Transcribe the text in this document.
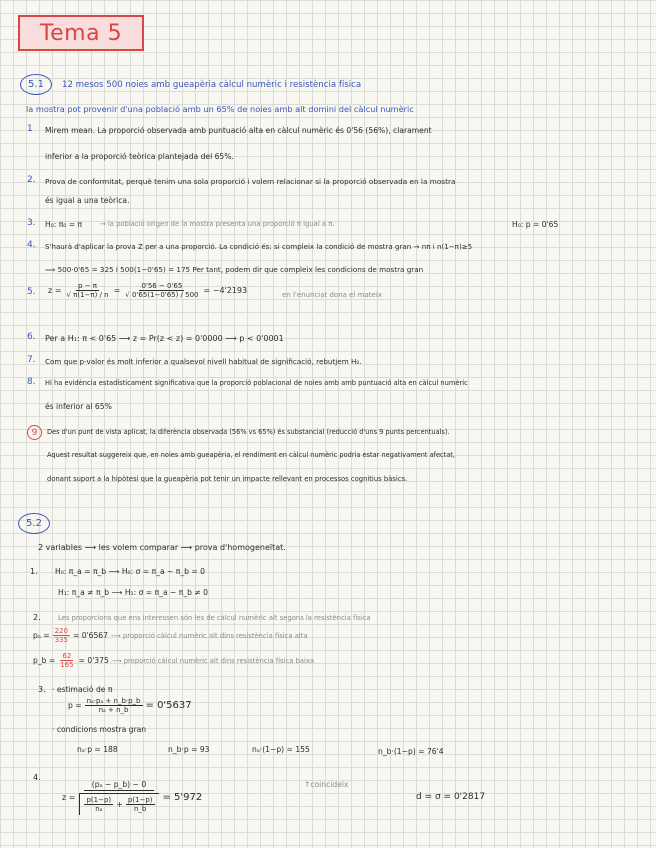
Tema 5
5.1	12 mesos 500 noies amb gueapèria càlcul numèric i resistència física
la mostra pot provenir d'una població amb un 65% de noies amb alt domini del càlcul numèric
1 Mirem mean. La proporció observada amb puntuació alta en càlcul numèric és 0'56 (56%), clarament
inferior a la proporció teòrica plantejada del 65%.
2. Prova de conformitat, perquè tenim una sola proporció i volem relacionar si la proporció observada en la mostra
és igual a una teòrica.
3. H₀: π₀ = π	→ la població origen de la mostra presenta una proporció π igual a π.	H₀: p = 0'65
4. S'haurà d'aplicar la prova Z per a una proporció. La condició és: si compleix la condició de mostra gran → nπ i n(1−π)≥5
⟹ 500·0'65 = 325 i 500(1−0'65) = 175 Per tant, podem dir que compleix les condicions de mostra gran
5. $z = \frac{p - \pi}{√ \pi(1-\pi) / n} = \frac{0'56 - 0'65}{√ 0'65(1-0'65) / 500} = -4'2193$	en l'enunciat dona el mateix
6. Per a H₁: π < 0'65 ⟶ z = Pr(z < z) = 0'0000 ⟶ p < 0'0001
7. Com que p-valor és molt inferior a qualsevol nivell habitual de significació, rebutjem H₀.
8. Hi ha evidència estadísticament significativa que la proporció poblacional de noies amb amb puntuació alta en càlcul numèric
és inferior al 65%
9	Des d'un punt de vista aplicat, la diferència observada (56% vs 65%) és substancial (reducció d'uns 9 punts percentuals).
Aquest resultat suggereix que, en noies amb gueapèria, el rendiment en càlcul numèric podria estar negativament afectat,
donant suport a la hipòtesi que la gueapèria pot tenir un impacte rellevant en processos cognitius bàsics.
5.2
2 variables ⟶ les volem comparar ⟶ prova d'homogeneïtat.
1. H₀: π_a = π_b ⟶ H₀: σ = π_a − π_b = 0
H₁: π_a ≠ π_b ⟶ H₁: σ = π_a − π_b ≠ 0
2.	Les proporcions que ens interessen són les de càlcul numèric alt segons la resistència física
$p_a = \frac{220}{335} = 0'6567$ ⟶ proporció càlcul numèric alt dins resistència física alta
p_b = $\frac{62}{165} = 0'375$ ⟶ proporció càlcul numèric alt dins resistència física baixa
3. · estimació de π
$p = \frac{\text{nₐ·pₐ + n\_b·p\_b}}{\text{nₐ + n\_b}} = 0'5637$
· condicions mostra gran
nₐ·p = 188	n_b·p = 93	nₐ·(1−p) = 155	n_b·(1−p) = 76'4
4.
z =
(pₐ − p_b) − 0
$\frac{p(1-p)}{\text{nₐ}} + \frac{p(1-p)}{n\_b} = 5'972$
↑coincideix
d = σ = 0'2817
